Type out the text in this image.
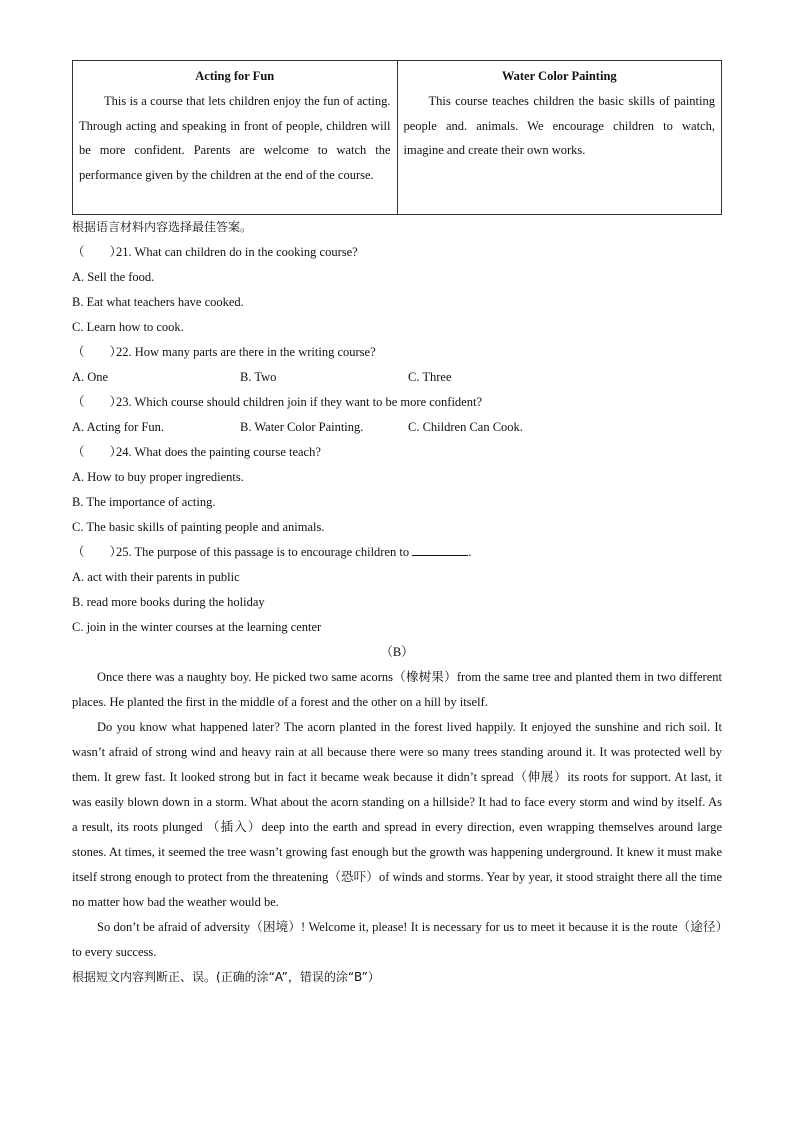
Acting for Fun
This is a course that lets children enjoy the fun of acting. Through acting and speaking in front of people, children will be more confident. Parents are welcome to watch the performance given by the children at the end of the course.

Water Color Painting
This course teaches children the basic skills of painting people and. animals. We encourage children to watch, imagine and create their own works.
根据语言材料内容选择最佳答案。
（　　）21. What can children do in the cooking course?
A. Sell the food.
B. Eat what teachers have cooked.
C. Learn how to cook.
（　　）22. How many parts are there in the writing course?
A. One	B. Two	C. Three
（　　）23. Which course should children join if they want to be more confident?
A. Acting for Fun.	B. Water Color Painting.	C. Children Can Cook.
（　　）24. What does the painting course teach?
A. How to buy proper ingredients.
B. The importance of acting.
C. The basic skills of painting people and animals.
（　　）25. The purpose of this passage is to encourage children to	.
A. act with their parents in public
B. read more books during the holiday
C. join in the winter courses at the learning center
（B）

Once there was a naughty boy. He picked two same acorns（橡树果）from the same tree and planted them in two different places. He planted the first in the middle of a forest and the other on a hill by itself.

Do you know what happened later? The acorn planted in the forest lived happily. It enjoyed the sunshine and rich soil. It wasn’t afraid of strong wind and heavy rain at all because there were so many trees standing around it. It was protected well by them. It grew fast. It looked strong but in fact it became weak because it didn’t spread（伸展）its roots for support. At last, it was easily blown down in a storm. What about the acorn standing on a hillside? It had to face every storm and wind by itself. As a result, its roots plunged （插入）deep into the earth and spread in every direction, even wrapping themselves around large stones. At times, it seemed the tree wasn’t growing fast enough but the growth was happening underground. It knew it must make itself strong enough to protect from the threatening（恐吓）of winds and storms. Year by year, it stood straight there all the time no matter how bad the weather would be.

So don’t be afraid of adversity（困境）! Welcome it, please! It is necessary for us to meet it because it is the route（途径）to every success.

根据短文内容判断正、误。(正确的涂“A”，错误的涂“B”）
